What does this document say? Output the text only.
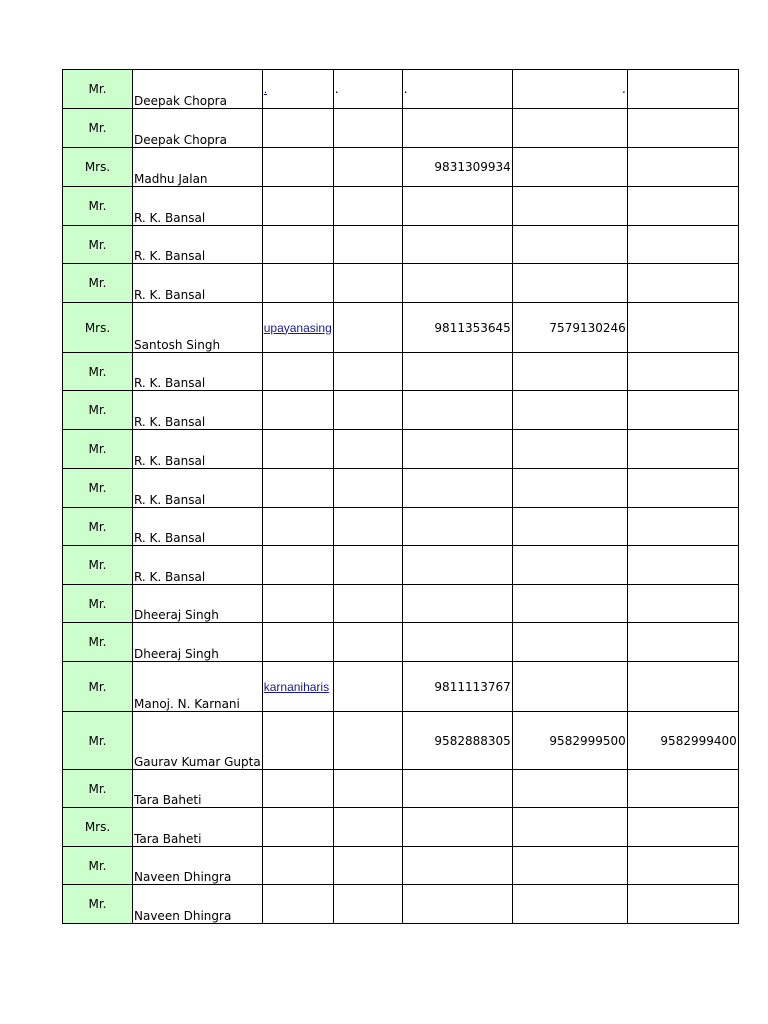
Mr.	Deepak Chopra	.	.	.	.	
Mr.	Deepak Chopra					
Mrs.	Madhu Jalan			9831309934		
Mr.	R. K. Bansal					
Mr.	R. K. Bansal					
Mr.	R. K. Bansal					
Mrs.	Santosh Singh	upayanasing		9811353645	7579130246	
Mr.	R. K. Bansal					
Mr.	R. K. Bansal					
Mr.	R. K. Bansal					
Mr.	R. K. Bansal					
Mr.	R. K. Bansal					
Mr.	R. K. Bansal					
Mr.	Dheeraj Singh					
Mr.	Dheeraj Singh					
Mr.	Manoj. N. Karnani	karnaniharis		9811113767		
Mr.	Gaurav Kumar Gupta			9582888305	9582999500	9582999400
Mr.	Tara Baheti					
Mrs.	Tara Baheti					
Mr.	Naveen Dhingra					
Mr.	Naveen Dhingra					
